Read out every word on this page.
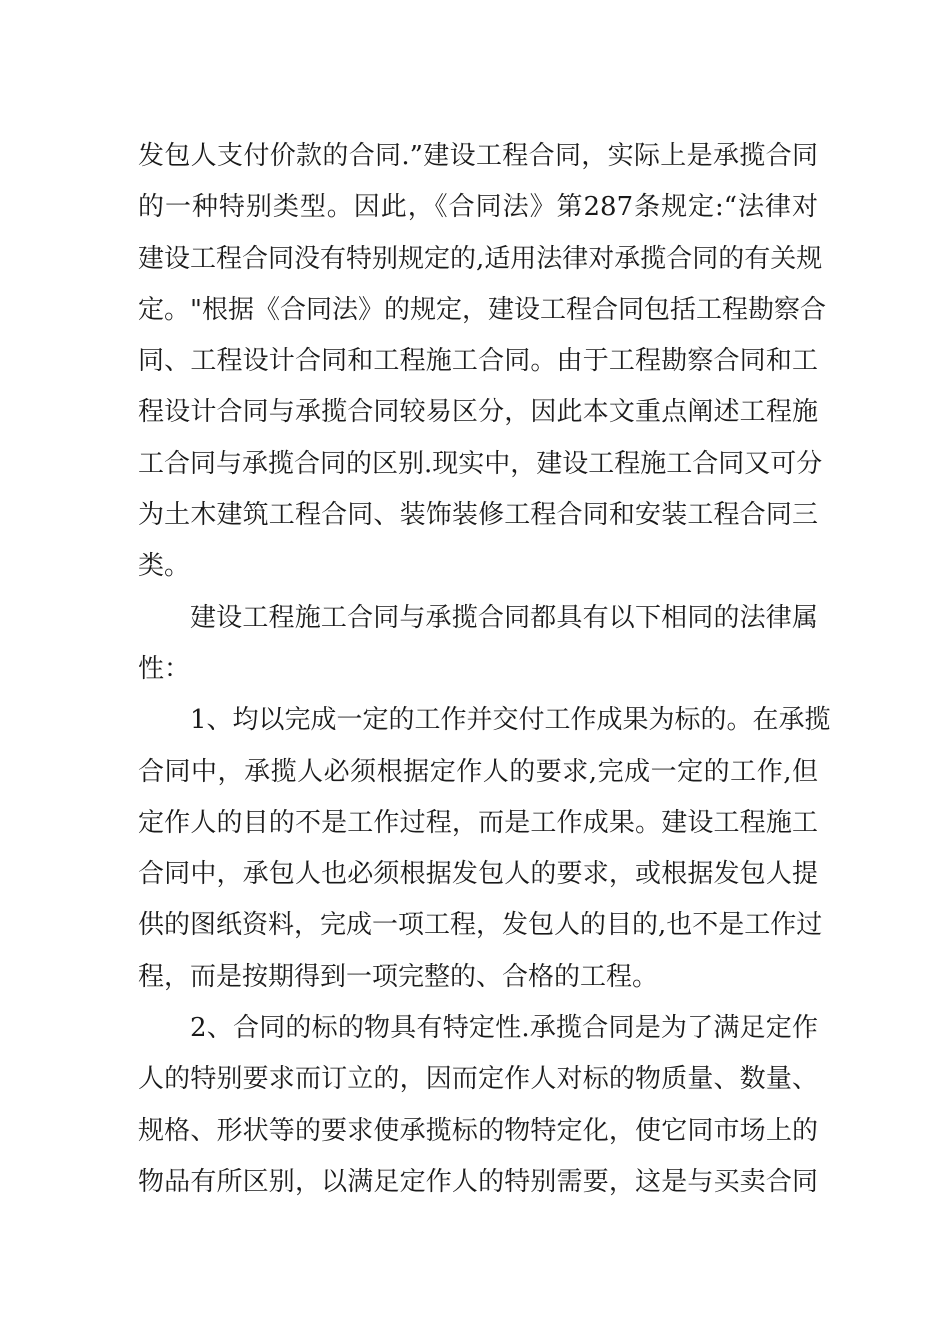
发包人支付价款的合同.”建设工程合同，实际上是承揽合同
的一种特别类型。因此，《合同法》第287条规定:“法律对
建设工程合同没有特别规定的,适用法律对承揽合同的有关规
定。"根据《合同法》的规定，建设工程合同包括工程勘察合
同、工程设计合同和工程施工合同。由于工程勘察合同和工
程设计合同与承揽合同较易区分，因此本文重点阐述工程施
工合同与承揽合同的区别.现实中，建设工程施工合同又可分
为土木建筑工程合同、装饰装修工程合同和安装工程合同三
类。
建设工程施工合同与承揽合同都具有以下相同的法律属
性：
1、均以完成一定的工作并交付工作成果为标的。在承揽
合同中，承揽人必须根据定作人的要求,完成一定的工作,但
定作人的目的不是工作过程，而是工作成果。建设工程施工
合同中，承包人也必须根据发包人的要求，或根据发包人提
供的图纸资料，完成一项工程，发包人的目的,也不是工作过
程，而是按期得到一项完整的、合格的工程。
2、合同的标的物具有特定性.承揽合同是为了满足定作
人的特别要求而订立的，因而定作人对标的物质量、数量、
规格、形状等的要求使承揽标的物特定化，使它同市场上的
物品有所区别，以满足定作人的特别需要，这是与买卖合同
